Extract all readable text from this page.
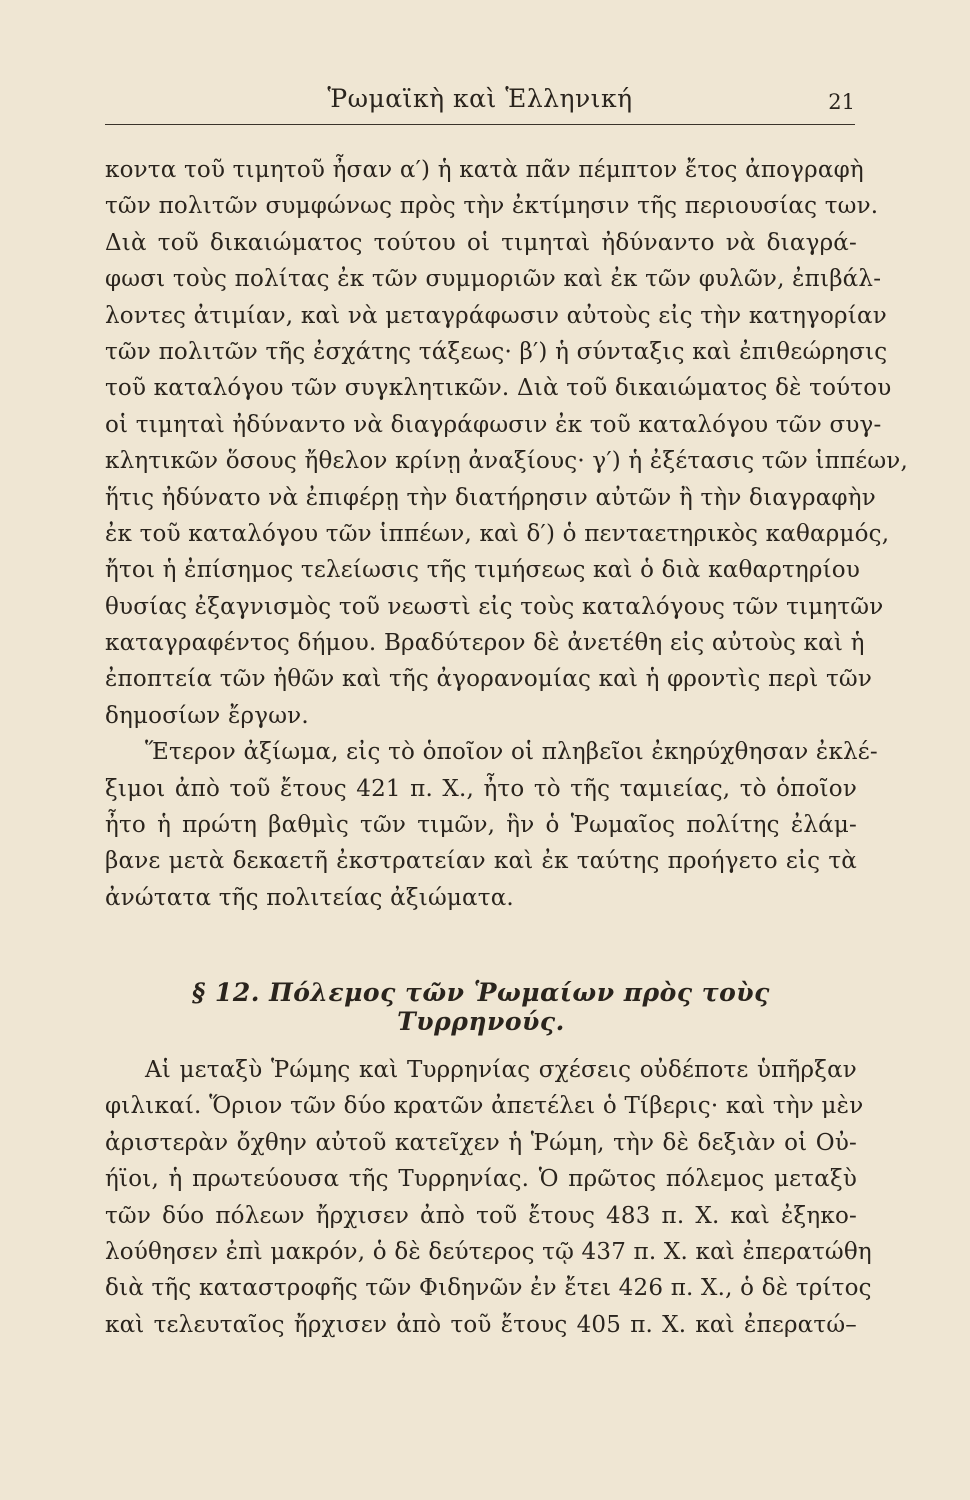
Ῥωμαϊκὴ καὶ Ἑλληνική	21
κοντα τοῦ τιμητοῦ ἦσαν α′) ἡ κατὰ πᾶν πέμπτον ἔτος ἀπογραφὴ
τῶν πολιτῶν συμφώνως πρὸς τὴν ἐκτίμησιν τῆς περιουσίας των.
Διὰ τοῦ δικαιώματος τούτου οἱ τιμηταὶ ἠδύναντο νὰ διαγρά-
φωσι τοὺς πολίτας ἐκ τῶν συμμοριῶν καὶ ἐκ τῶν φυλῶν, ἐπιβάλ-
λοντες ἀτιμίαν, καὶ νὰ μεταγράφωσιν αὐτοὺς εἰς τὴν κατηγορίαν
τῶν πολιτῶν τῆς ἐσχάτης τάξεως· β′) ἡ σύνταξις καὶ ἐπιθεώρησις
τοῦ καταλόγου τῶν συγκλητικῶν. Διὰ τοῦ δικαιώματος δὲ τούτου
οἱ τιμηταὶ ἠδύναντο νὰ διαγράφωσιν ἐκ τοῦ καταλόγου τῶν συγ-
κλητικῶν ὅσους ἤθελον κρίνῃ ἀναξίους· γ′) ἡ ἐξέτασις τῶν ἱππέων,
ἥτις ἠδύνατο νὰ ἐπιφέρῃ τὴν διατήρησιν αὐτῶν ἢ τὴν διαγραφὴν
ἐκ τοῦ καταλόγου τῶν ἱππέων, καὶ δ′) ὁ πενταετηρικὸς καθαρμός,
ἤτοι ἡ ἐπίσημος τελείωσις τῆς τιμήσεως καὶ ὁ διὰ καθαρτηρίου
θυσίας ἐξαγνισμὸς τοῦ νεωστὶ εἰς τοὺς καταλόγους τῶν τιμητῶν
καταγραφέντος δήμου. Βραδύτερον δὲ ἀνετέθη εἰς αὐτοὺς καὶ ἡ
ἐποπτεία τῶν ἠθῶν καὶ τῆς ἀγορανομίας καὶ ἡ φροντὶς περὶ τῶν
δημοσίων ἔργων.
Ἕτερον ἀξίωμα, εἰς τὸ ὁποῖον οἱ πληβεῖοι ἐκηρύχθησαν ἐκλέ-
ξιμοι ἀπὸ τοῦ ἔτους 421 π. Χ., ἦτο τὸ τῆς ταμιείας, τὸ ὁποῖον
ἦτο ἡ πρώτη βαθμὶς τῶν τιμῶν, ἣν ὁ Ῥωμαῖος πολίτης ἐλάμ-
βανε μετὰ δεκαετῆ ἐκστρατείαν καὶ ἐκ ταύτης προήγετο εἰς τὰ
ἀνώτατα τῆς πολιτείας ἀξιώματα.
§ 12. Πόλεμος τῶν Ῥωμαίων πρὸς τοὺς Τυρρηνούς.
Αἱ μεταξὺ Ῥώμης καὶ Τυρρηνίας σχέσεις οὐδέποτε ὑπῆρξαν
φιλικαί. Ὅριον τῶν δύο κρατῶν ἀπετέλει ὁ Τίβερις· καὶ τὴν μὲν
ἀριστερὰν ὄχθην αὐτοῦ κατεῖχεν ἡ Ῥώμη, τὴν δὲ δεξιὰν οἱ Οὐ-
ήϊοι, ἡ πρωτεύουσα τῆς Τυρρηνίας. Ὁ πρῶτος πόλεμος μεταξὺ
τῶν δύο πόλεων ἤρχισεν ἀπὸ τοῦ ἔτους 483 π. Χ. καὶ ἐξηκο-
λούθησεν ἐπὶ μακρόν, ὁ δὲ δεύτερος τῷ 437 π. Χ. καὶ ἐπερατώθη
διὰ τῆς καταστροφῆς τῶν Φιδηνῶν ἐν ἔτει 426 π. Χ., ὁ δὲ τρίτος
καὶ τελευταῖος ἤρχισεν ἀπὸ τοῦ ἔτους 405 π. Χ. καὶ ἐπερατώ–
